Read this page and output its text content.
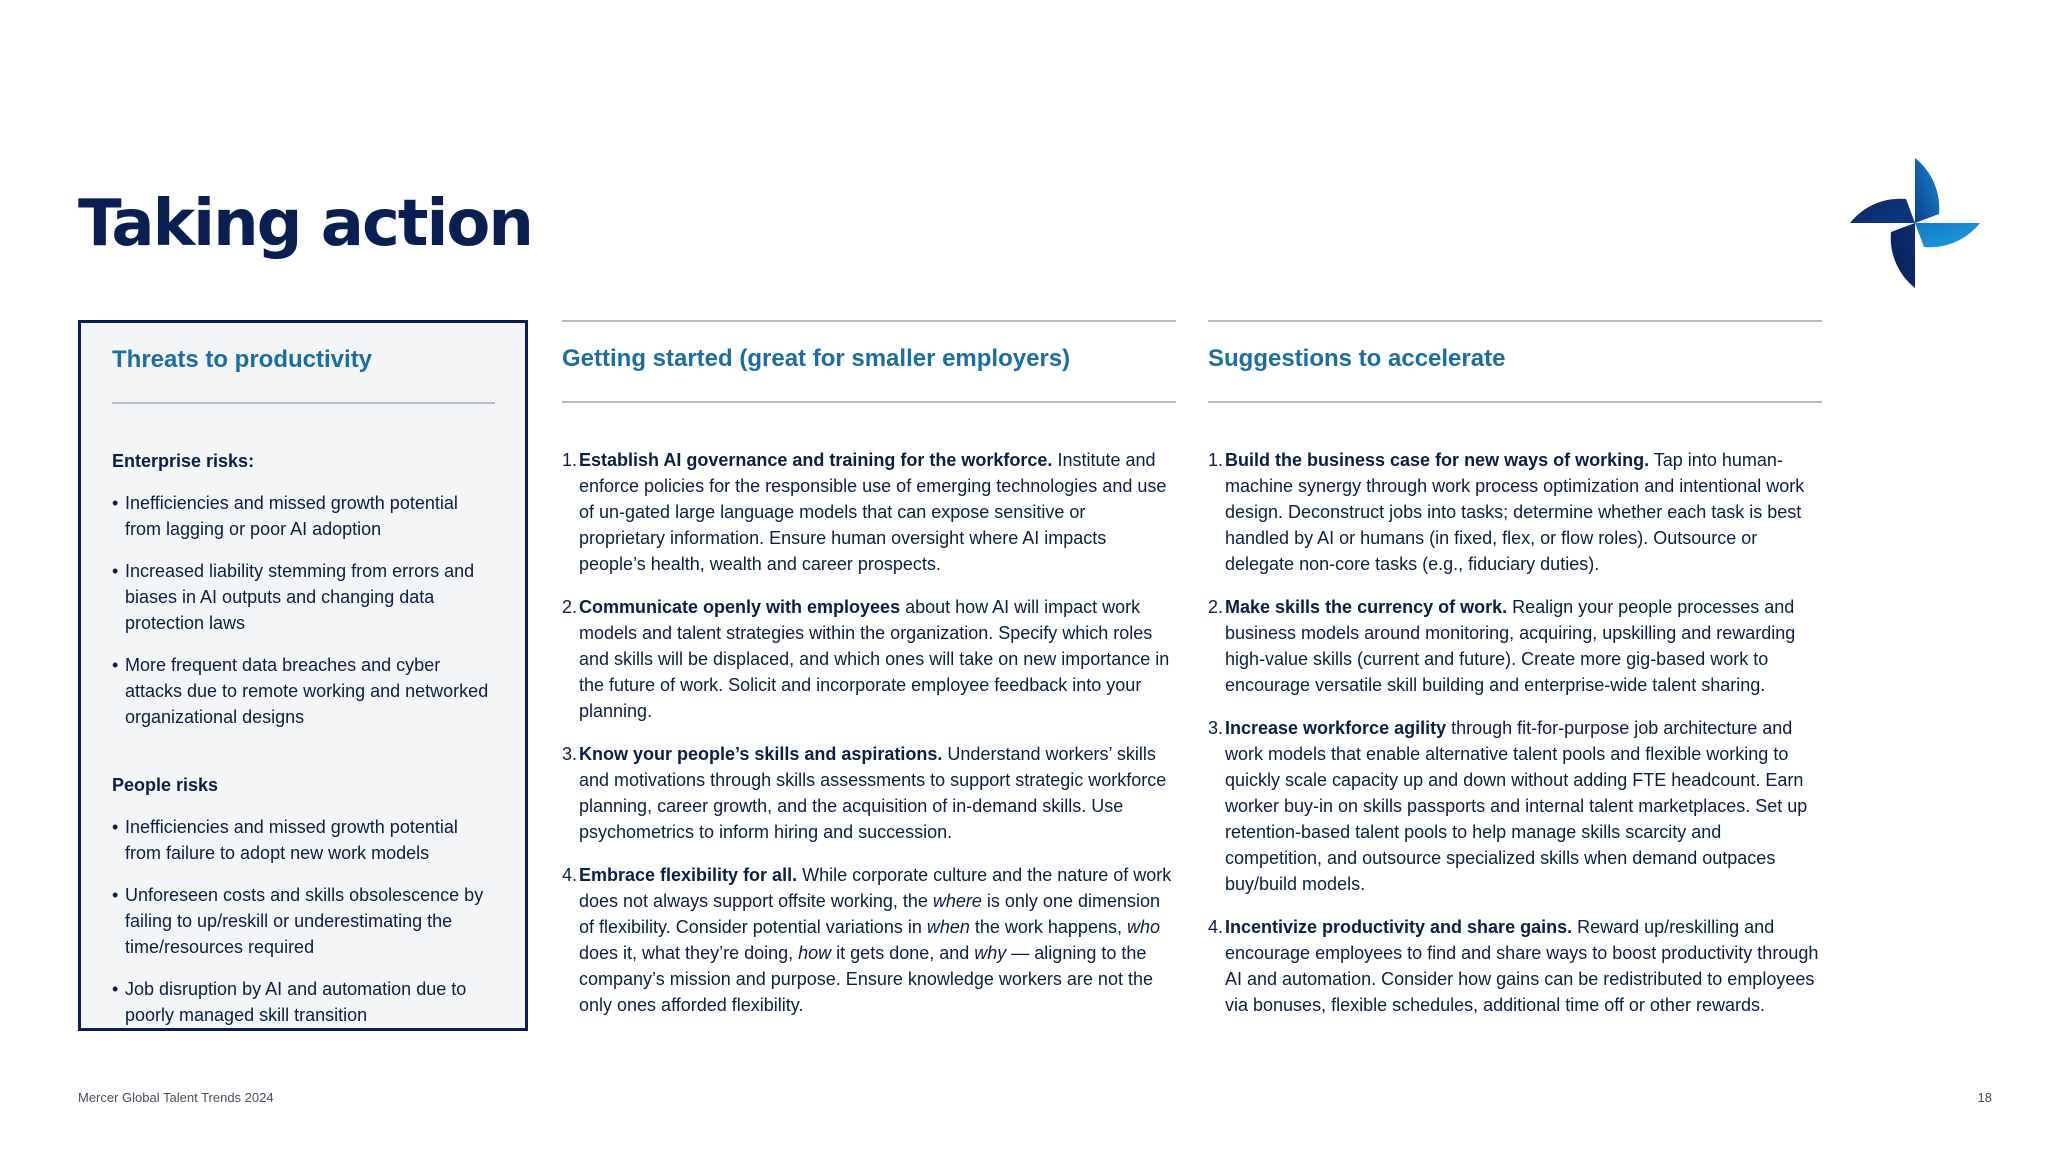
Taking action
Threats to productivity
Enterprise risks:
• Inefficiencies and missed growth potential from lagging or poor AI adoption
• Increased liability stemming from errors and biases in AI outputs and changing data protection laws
• More frequent data breaches and cyber attacks due to remote working and networked organizational designs
People risks
• Inefficiencies and missed growth potential from failure to adopt new work models
• Unforeseen costs and skills obsolescence by failing to up/reskill or underestimating the time/resources required
• Job disruption by AI and automation due to poorly managed skill transition
Getting started (great for smaller employers)
1. Establish AI governance and training for the workforce. Institute and enforce policies for the responsible use of emerging technologies and use of un-gated large language models that can expose sensitive or proprietary information. Ensure human oversight where AI impacts people’s health, wealth and career prospects.
2. Communicate openly with employees about how AI will impact work models and talent strategies within the organization. Specify which roles and skills will be displaced, and which ones will take on new importance in the future of work. Solicit and incorporate employee feedback into your planning.
3. Know your people’s skills and aspirations. Understand workers’ skills and motivations through skills assessments to support strategic workforce planning, career growth, and the acquisition of in-demand skills. Use psychometrics to inform hiring and succession.
4. Embrace flexibility for all. While corporate culture and the nature of work does not always support offsite working, the where is only one dimension of flexibility. Consider potential variations in when the work happens, who does it, what they’re doing, how it gets done, and why — aligning to the company’s mission and purpose. Ensure knowledge workers are not the only ones afforded flexibility.
Suggestions to accelerate
1. Build the business case for new ways of working. Tap into human-machine synergy through work process optimization and intentional work design. Deconstruct jobs into tasks; determine whether each task is best handled by AI or humans (in fixed, flex, or flow roles). Outsource or delegate non-core tasks (e.g., fiduciary duties).
2. Make skills the currency of work. Realign your people processes and business models around monitoring, acquiring, upskilling and rewarding high-value skills (current and future). Create more gig-based work to encourage versatile skill building and enterprise-wide talent sharing.
3. Increase workforce agility through fit-for-purpose job architecture and work models that enable alternative talent pools and flexible working to quickly scale capacity up and down without adding FTE headcount. Earn worker buy-in on skills passports and internal talent marketplaces. Set up retention-based talent pools to help manage skills scarcity and competition, and outsource specialized skills when demand outpaces buy/build models.
4. Incentivize productivity and share gains. Reward up/reskilling and encourage employees to find and share ways to boost productivity through AI and automation. Consider how gains can be redistributed to employees via bonuses, flexible schedules, additional time off or other rewards.
Mercer Global Talent Trends 2024	18
